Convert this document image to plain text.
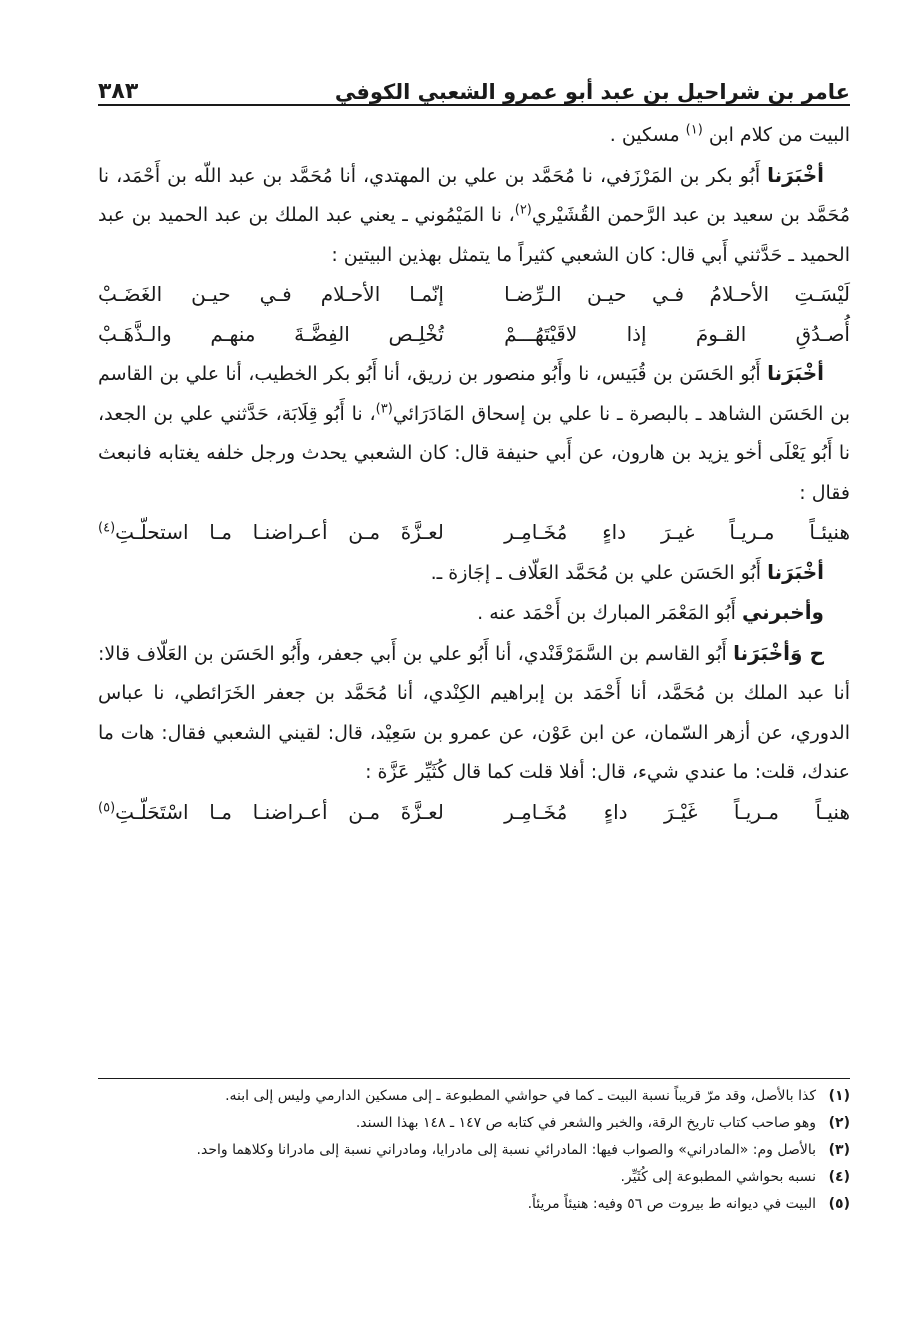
عامر بن شراحيل بن عبد أبو عمرو الشعبي الكوفي
٣٨٣

البيت من كلام ابن $^{(١)}$ مسكين .

أخْبَرَنا أَبُو بكر بن المَرْزَفي، نا مُحَمَّد بن علي بن المهتدي، أنا مُحَمَّد بن عبد اللّه بن أَحْمَد، نا مُحَمَّد بن سعيد بن عبد الرَّحمن القُشَيْري$^{(٢)}$، نا المَيْمُوني ـ يعني عبد الملك بن عبد الحميد بن عبد الحميد ـ حَدَّثني أَبي قال: كان الشعبي كثيراً ما يتمثل بهذين البيتين :

لَيْسَـتِ الأحـلامُ فـي حيـن الـرِّضـا
إنّمـا الأحـلام فـي حيـن الغَضَـبْ
أُصـدُقِ القـومَ إذا لاقَيْتَهُـــمْ
تُخْلِـص الفِضَّـةَ منهـم والـذَّهَـبْ

أخْبَرَنا أَبُو الحَسَن بن قُبَيس، نا وأَبُو منصور بن زريق، أنا أَبُو بكر الخطيب، أنا علي بن القاسم بن الحَسَن الشاهد ـ بالبصرة ـ نا علي بن إسحاق المَادَرَائي$^{(٣)}$، نا أَبُو قِلَابَة، حَدَّثني علي بن الجعد، نا أَبُو يَعْلَى أخو يزيد بن هارون، عن أَبي حنيفة قال: كان الشعبي يحدث ورجل خلفه يغتابه فانبعث فقال :

هنيئـاً مـريـاً غيـرَ داءٍ مُخَـامِـر
لعـزَّةَ مـن أعـراضنـا مـا استحلّـتِ$^{(٤)}$

أخْبَرَنا أَبُو الحَسَن علي بن مُحَمَّد العَلّاف ـ إجَازة ـ.

وأخبرني أَبُو المَعْمَر المبارك بن أَحْمَد عنه .

ح وَأخْبَرَنا أَبُو القاسم بن السَّمَرْقَنْدي، أنا أَبُو علي بن أَبي جعفر، وأَبُو الحَسَن بن العَلّاف قالا: أنا عبد الملك بن مُحَمَّد، أنا أَحْمَد بن إبراهيم الكِنْدي، أنا مُحَمَّد بن جعفر الخَرَائطي، نا عباس الدوري، عن أزهر السّمان، عن ابن عَوْن، عن عمرو بن سَعِيْد، قال: لقيني الشعبي فقال: هات ما عندك، قلت: ما عندي شيء، قال: أفلا قلت كما قال كُثَيِّر عَزَّة :

هنيـاً مـريـاً غَيْـرَ داءٍ مُخَـامِـر
لعـزَّةَ مـن أعـراضنـا مـا اسْتَحَلّـتِ$^{(٥)}$

(١)
كذا بالأصل، وقد مرّ قريباً نسبة البيت ـ كما في حواشي المطبوعة ـ إلى مسكين الدارمي وليس إلى ابنه.

(٢)
وهو صاحب كتاب تاريخ الرقة، والخبر والشعر في كتابه ص ١٤٧ ـ ١٤٨ بهذا السند.

(٣)
بالأصل وم: «المادراني» والصواب فيها: المادرائي نسبة إلى مادرايا، ومادراني نسبة إلى مادرانا وكلاهما واحد.

(٤)
نسبه بحواشي المطبوعة إلى كُثَيِّر.

(٥)
البيت في ديوانه ط بيروت ص ٥٦ وفيه: هنيئاً مريئاً.
